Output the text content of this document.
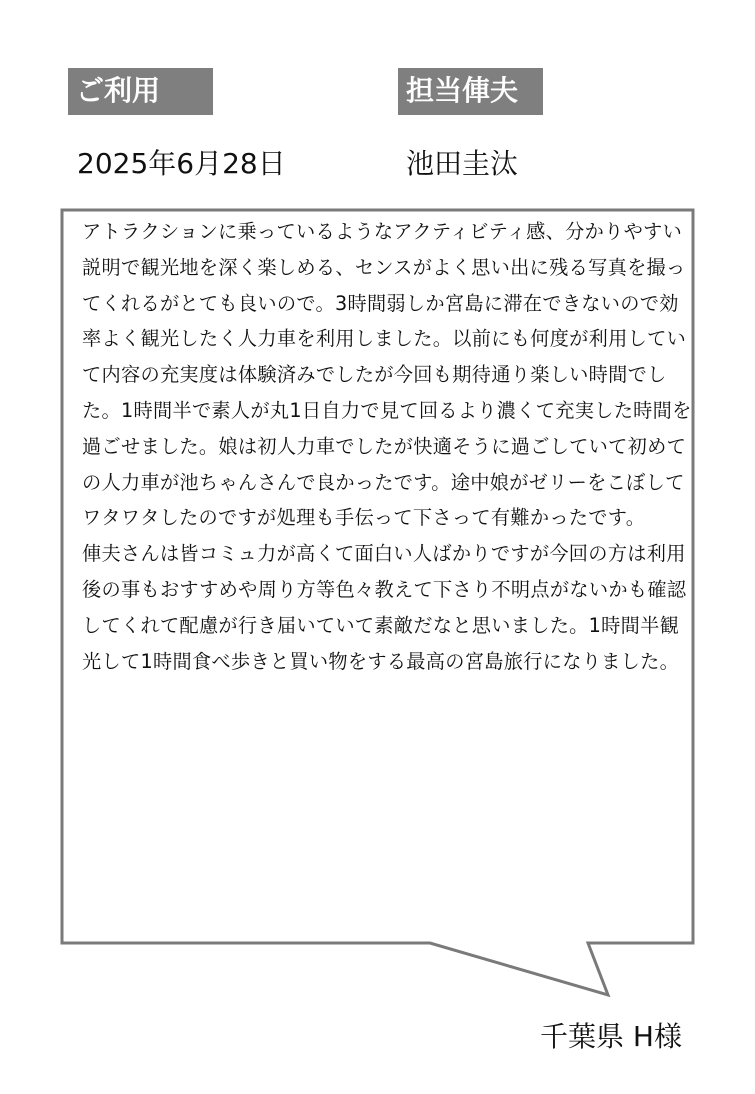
ご利用	担当俥夫
2025年6月28日	池田圭汰

アトラクションに乗っているようなアクティビティ感、分かりやすい説明で観光地を深く楽しめる、センスがよく思い出に残る写真を撮ってくれるがとても良いので。3時間弱しか宮島に滞在できないので効率よく観光したく人力車を利用しました。以前にも何度が利用していて内容の充実度は体験済みでしたが今回も期待通り楽しい時間でした。1時間半で素人が丸1日自力で見て回るより濃くて充実した時間を過ごせました。娘は初人力車でしたが快適そうに過ごしていて初めての人力車が池ちゃんさんで良かったです。途中娘がゼリーをこぼしてワタワタしたのですが処理も手伝って下さって有難かったです。

俥夫さんは皆コミュ力が高くて面白い人ばかりですが今回の方は利用後の事もおすすめや周り方等色々教えて下さり不明点がないかも確認してくれて配慮が行き届いていて素敵だなと思いました。1時間半観光して1時間食べ歩きと買い物をする最高の宮島旅行になりました。

千葉県 H様
